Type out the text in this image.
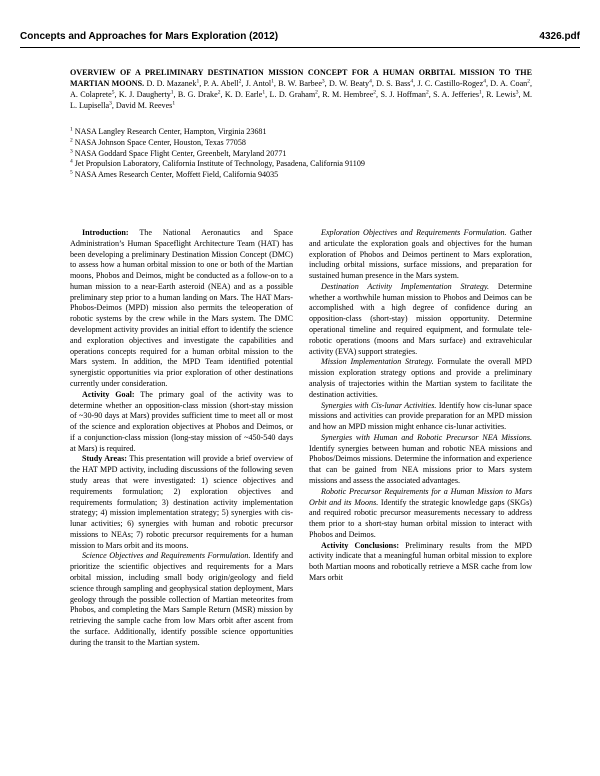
Concepts and Approaches for Mars Exploration (2012)	4326.pdf
OVERVIEW OF A PRELIMINARY DESTINATION MISSION CONCEPT FOR A HUMAN ORBITAL MISSION TO THE MARTIAN MOONS. D. D. Mazanek$^1$, P. A. Abell$^2$, J. Antol$^1$, B. W. Barbee$^3$, D. W. Beaty$^4$, D. S. Bass$^4$, J. C. Castillo-Rogez$^4$, D. A. Coan$^2$, A. Colaprete$^5$, K. J. Daugherty$^1$, B. G. Drake$^2$, K. D. Earle$^1$, L. D. Graham$^2$, R. M. Hembree$^2$, S. J. Hoffman$^2$, S. A. Jefferies$^1$, R. Lewis$^3$, M. L. Lupisella$^3$, David M. Reeves$^1$
$^1$ NASA Langley Research Center, Hampton, Virginia 23681
$^2$ NASA Johnson Space Center, Houston, Texas 77058
$^3$ NASA Goddard Space Flight Center, Greenbelt, Maryland 20771
$^4$ Jet Propulsion Laboratory, California Institute of Technology, Pasadena, California 91109
$^5$ NASA Ames Research Center, Moffett Field, California 94035

Introduction: The National Aeronautics and Space Administration’s Human Spaceflight Architecture Team (HAT) has been developing a preliminary Destination Mission Concept (DMC) to assess how a human orbital mission to one or both of the Martian moons, Phobos and Deimos, might be conducted as a follow-on to a human mission to a near-Earth asteroid (NEA) and as a possible preliminary step prior to a human landing on Mars. The HAT Mars-Phobos-Deimos (MPD) mission also permits the teleoperation of robotic systems by the crew while in the Mars system. The DMC development activity provides an initial effort to identify the science and exploration objectives and investigate the capabilities and operations concepts required for a human orbital mission to the Mars system. In addition, the MPD Team identified potential synergistic opportunities via prior exploration of other destinations currently under consideration.

Activity Goal: The primary goal of the activity was to determine whether an opposition-class mission (short-stay mission of ~30-90 days at Mars) provides sufficient time to meet all or most of the science and exploration objectives at Phobos and Deimos, or if a conjunction-class mission (long-stay mission of ~450-540 days at Mars) is required.

Study Areas: This presentation will provide a brief overview of the HAT MPD activity, including discussions of the following seven study areas that were investigated: 1) science objectives and requirements formulation; 2) exploration objectives and requirements formulation; 3) destination activity implementation strategy; 4) mission implementation strategy; 5) synergies with cis-lunar activities; 6) synergies with human and robotic precursor missions to NEAs; 7) robotic precursor requirements for a human mission to Mars orbit and its moons.

Science Objectives and Requirements Formulation. Identify and prioritize the scientific objectives and requirements for a Mars orbital mission, including small body origin/geology and field science through sampling and geophysical station deployment, Mars geology through the possible collection of Martian meteorites from Phobos, and completing the Mars Sample Return (MSR) mission by retrieving the sample cache from low Mars orbit after ascent from the surface. Additionally, identify possible science opportunities during the transit to the Martian system.

Exploration Objectives and Requirements Formulation. Gather and articulate the exploration goals and objectives for the human exploration of Phobos and Deimos pertinent to Mars exploration, including orbital missions, surface missions, and preparation for sustained human presence in the Mars system.

Destination Activity Implementation Strategy. Determine whether a worthwhile human mission to Phobos and Deimos can be accomplished with a high degree of confidence during an opposition-class (short-stay) mission opportunity. Determine operational timeline and required equipment, and formulate tele-robotic operations (moons and Mars surface) and extravehicular activity (EVA) support strategies.

Mission Implementation Strategy. Formulate the overall MPD mission exploration strategy options and provide a preliminary analysis of trajectories within the Martian system to facilitate the destination activities.

Synergies with Cis-lunar Activities. Identify how cis-lunar space missions and activities can provide preparation for an MPD mission and how an MPD mission might enhance cis-lunar activities.

Synergies with Human and Robotic Precursor NEA Missions. Identify synergies between human and robotic NEA missions and Phobos/Deimos missions. Determine the information and experience that can be gained from NEA missions prior to Mars system missions and assess the associated advantages.

Robotic Precursor Requirements for a Human Mission to Mars Orbit and its Moons. Identify the strategic knowledge gaps (SKGs) and required robotic precursor measurements necessary to address them prior to a short-stay human orbital mission to interact with Phobos and Deimos.

Activity Conclusions: Preliminary results from the MPD activity indicate that a meaningful human orbital mission to explore both Martian moons and robotically retrieve a MSR cache from low Mars orbit
